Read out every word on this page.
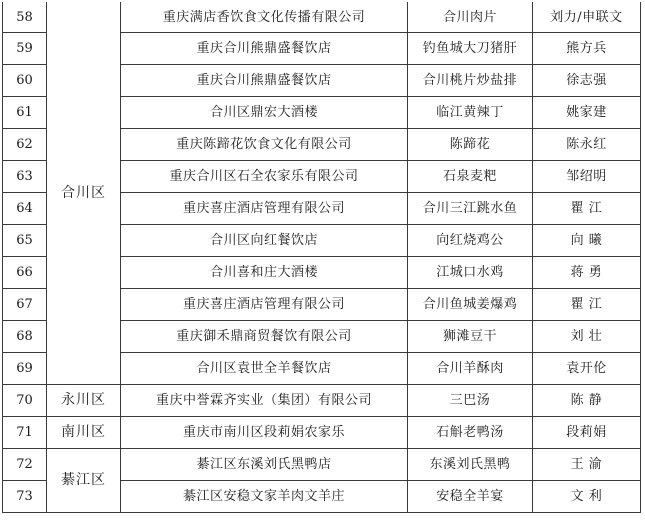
58	合川区	重庆满店香饮食文化传播有限公司	合川肉片	刘力/申联文
59		重庆合川熊鼎盛餐饮店	钓鱼城大刀猪肝	熊方兵
60		重庆合川熊鼎盛餐饮店	合川桃片炒盐排	徐志强
61		合川区鼎宏大酒楼	临江黄辣丁	姚家建
62		重庆陈蹄花饮食文化有限公司	陈蹄花	陈永红
63		重庆合川区石全农家乐有限公司	石泉麦粑	邹绍明
64		重庆喜庄酒店管理有限公司	合川三江跳水鱼	瞿 江
65		合川区向红餐饮店	向红烧鸡公	向 曦
66		合川喜和庄大酒楼	江城口水鸡	蒋 勇
67		重庆喜庄酒店管理有限公司	合川鱼城姜爆鸡	瞿 江
68		重庆御禾鼎商贸餐饮有限公司	狮滩豆干	刘 壮
69		合川区袁世全羊餐饮店	合川羊酥肉	袁开伦
70	永川区	重庆中誉霖齐实业（集团）有限公司	三巴汤	陈 静
71	南川区	重庆市南川区段莉娟农家乐	石斛老鸭汤	段莉娟
72	綦江区	綦江区东溪刘氏黑鸭店	东溪刘氏黑鸭	王 渝
73		綦江区安稳文家羊肉文羊庄	安稳全羊宴	文 利
